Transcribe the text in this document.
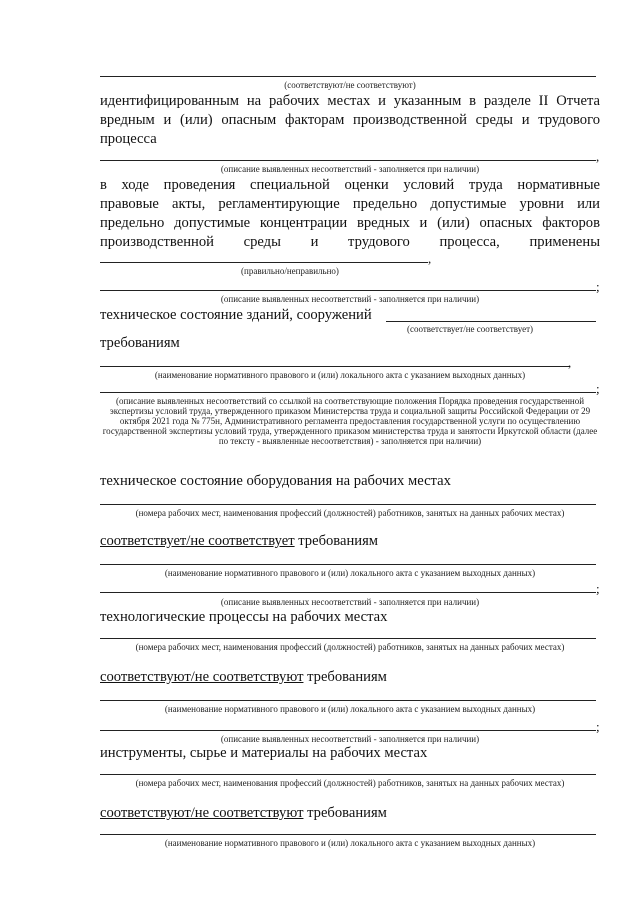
(соответствуют/не соответствуют)
идентифицированным на рабочих местах и указанным в разделе II Отчета
вредным и (или) опасным факторам производственной среды и трудового
процесса
,
(описание выявленных несоответствий - заполняется при наличии)
в ходе проведения специальной оценки условий труда нормативные
правовые акты, регламентирующие предельно допустимые уровни или
предельно допустимые концентрации вредных и (или) опасных факторов
производственной среды и трудового процесса, применены
,
(правильно/неправильно)
;
(описание выявленных несоответствий - заполняется при наличии)
техническое состояние зданий, сооружений
(соответствует/не соответствует)
требованиям
,
(наименование нормативного правового и (или) локального акта с указанием выходных данных)
;
(описание выявленных несоответствий со ссылкой на соответствующие положения Порядка проведения государственной экспертизы условий труда, утвержденного приказом Министерства труда и социальной защиты Российской Федерации от 29 октября 2021 года № 775н, Административного регламента предоставления государственной услуги по осуществлению государственной экспертизы условий труда, утвержденного приказом министерства труда и занятости Иркутской области (далее по тексту - выявленные несоответствия) - заполняется при наличии)
техническое состояние оборудования на рабочих местах
(номера рабочих мест, наименования профессий (должностей) работников, занятых на данных рабочих местах)
соответствует/не соответствует требованиям
(наименование нормативного правового и (или) локального акта с указанием выходных данных)
;
(описание выявленных несоответствий - заполняется при наличии)
технологические процессы на рабочих местах
(номера рабочих мест, наименования профессий (должностей) работников, занятых на данных рабочих местах)
соответствуют/не соответствуют требованиям
(наименование нормативного правового и (или) локального акта с указанием выходных данных)
;
(описание выявленных несоответствий - заполняется при наличии)
инструменты, сырье и материалы на рабочих местах
(номера рабочих мест, наименования профессий (должностей) работников, занятых на данных рабочих местах)
соответствуют/не соответствуют требованиям
(наименование нормативного правового и (или) локального акта с указанием выходных данных)
